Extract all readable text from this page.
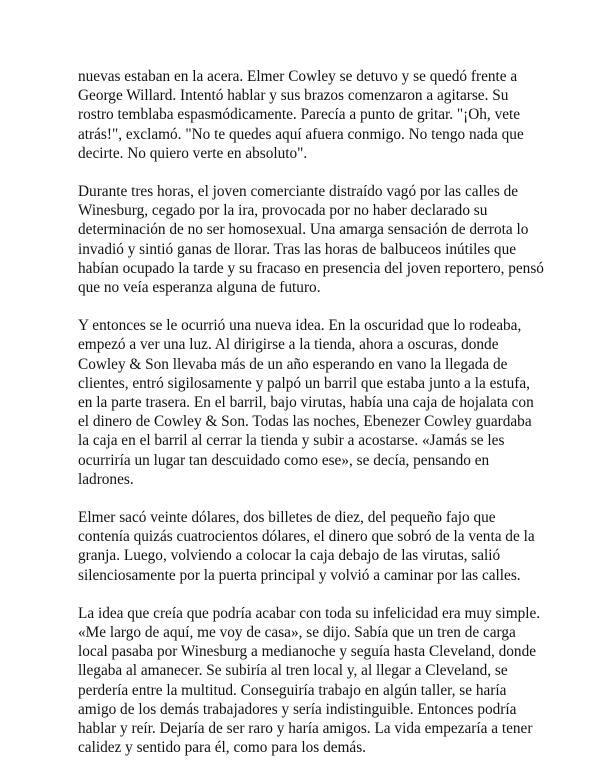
nuevas estaban en la acera. Elmer Cowley se detuvo y se quedó frente a
George Willard. Intentó hablar y sus brazos comenzaron a agitarse. Su
rostro temblaba espasmódicamente. Parecía a punto de gritar. "¡Oh, vete
atrás!", exclamó. "No te quedes aquí afuera conmigo. No tengo nada que
decirte. No quiero verte en absoluto".

Durante tres horas, el joven comerciante distraído vagó por las calles de
Winesburg, cegado por la ira, provocada por no haber declarado su
determinación de no ser homosexual. Una amarga sensación de derrota lo
invadió y sintió ganas de llorar. Tras las horas de balbuceos inútiles que
habían ocupado la tarde y su fracaso en presencia del joven reportero, pensó
que no veía esperanza alguna de futuro.

Y entonces se le ocurrió una nueva idea. En la oscuridad que lo rodeaba,
empezó a ver una luz. Al dirigirse a la tienda, ahora a oscuras, donde
Cowley & Son llevaba más de un año esperando en vano la llegada de
clientes, entró sigilosamente y palpó un barril que estaba junto a la estufa,
en la parte trasera. En el barril, bajo virutas, había una caja de hojalata con
el dinero de Cowley & Son. Todas las noches, Ebenezer Cowley guardaba
la caja en el barril al cerrar la tienda y subir a acostarse. «Jamás se les
ocurriría un lugar tan descuidado como ese», se decía, pensando en
ladrones.

Elmer sacó veinte dólares, dos billetes de diez, del pequeño fajo que
contenía quizás cuatrocientos dólares, el dinero que sobró de la venta de la
granja. Luego, volviendo a colocar la caja debajo de las virutas, salió
silenciosamente por la puerta principal y volvió a caminar por las calles.

La idea que creía que podría acabar con toda su infelicidad era muy simple.
«Me largo de aquí, me voy de casa», se dijo. Sabía que un tren de carga
local pasaba por Winesburg a medianoche y seguía hasta Cleveland, donde
llegaba al amanecer. Se subiría al tren local y, al llegar a Cleveland, se
perdería entre la multitud. Conseguiría trabajo en algún taller, se haría
amigo de los demás trabajadores y sería indistinguible. Entonces podría
hablar y reír. Dejaría de ser raro y haría amigos. La vida empezaría a tener
calidez y sentido para él, como para los demás.
